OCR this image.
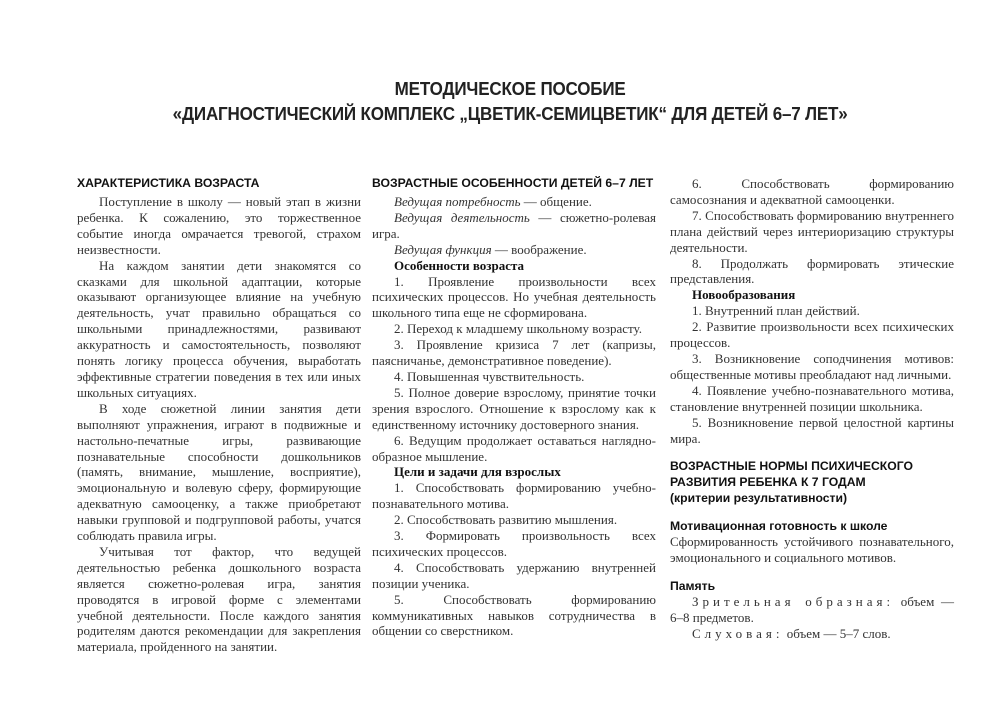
МЕТОДИЧЕСКОЕ ПОСОБИЕ
«ДИАГНОСТИЧЕСКИЙ КОМПЛЕКС „ЦВЕТИК-СЕМИЦВЕТИК“ ДЛЯ ДЕТЕЙ 6–7 ЛЕТ»
ХАРАКТЕРИСТИКА ВОЗРАСТА

Поступление в школу — новый этап в жизни ребенка. К сожалению, это торжественное событие иногда омрачается тревогой, страхом неизвестности.

На каждом занятии дети знакомятся со сказками для школьной адаптации, которые оказывают организующее влияние на учебную деятельность, учат правильно обращаться со школьными принадлежностями, развивают аккуратность и самостоятельность, позволяют понять логику процесса обучения, выработать эффективные стратегии поведения в тех или иных школьных ситуациях.

В ходе сюжетной линии занятия дети выполняют упражнения, играют в подвижные и настольно-печатные игры, развивающие познавательные способности дошкольников (память, внимание, мышление, восприятие), эмоциональную и волевую сферу, формирующие адекватную самооценку, а также приобретают навыки групповой и подгрупповой работы, учатся соблюдать правила игры.

Учитывая тот фактор, что ведущей деятельностью ребенка дошкольного возраста является сюжетно-ролевая игра, занятия проводятся в игровой форме с элементами учебной деятельности. После каждого занятия родителям даются рекомендации для закрепления материала, пройденного на занятии.

ВОЗРАСТНЫЕ ОСОБЕННОСТИ ДЕТЕЙ 6–7 ЛЕТ

Ведущая потребность — общение.

Ведущая деятельность — сюжетно-ролевая игра.

Ведущая функция — воображение.

Особенности возраста

1. Проявление произвольности всех психических процессов. Но учебная деятельность школьного типа еще не сформирована.

2. Переход к младшему школьному возрасту.

3. Проявление кризиса 7 лет (капризы, паясничанье, демонстративное поведение).

4. Повышенная чувствительность.

5. Полное доверие взрослому, принятие точки зрения взрослого. Отношение к взрослому как к единственному источнику достоверного знания.

6. Ведущим продолжает оставаться наглядно-образное мышление.

Цели и задачи для взрослых

1. Способствовать формированию учебно-познавательного мотива.

2. Способствовать развитию мышления.

3. Формировать произвольность всех психических процессов.

4. Способствовать удержанию внутренней позиции ученика.

5. Способствовать формированию коммуникативных навыков сотрудничества в общении со сверстником.

6. Способствовать формированию самосознания и адекватной самооценки.

7. Способствовать формированию внутреннего плана действий через интериоризацию структуры деятельности.

8. Продолжать формировать этические представления.

Новообразования

1. Внутренний план действий.

2. Развитие произвольности всех психических процессов.

3. Возникновение соподчинения мотивов: общественные мотивы преобладают над личными.

4. Появление учебно-познавательного мотива, становление внутренней позиции школьника.

5. Возникновение первой целостной картины мира.

ВОЗРАСТНЫЕ НОРМЫ ПСИХИЧЕСКОГО
РАЗВИТИЯ РЕБЕНКА К 7 ГОДАМ
(критерии результативности)
Мотивационная готовность к школе

Сформированность устойчивого познавательного, эмоционального и социального мотивов.

Память

Зрительная образная: объем — 6–8 предметов.

Слуховая: объем — 5–7 слов.
